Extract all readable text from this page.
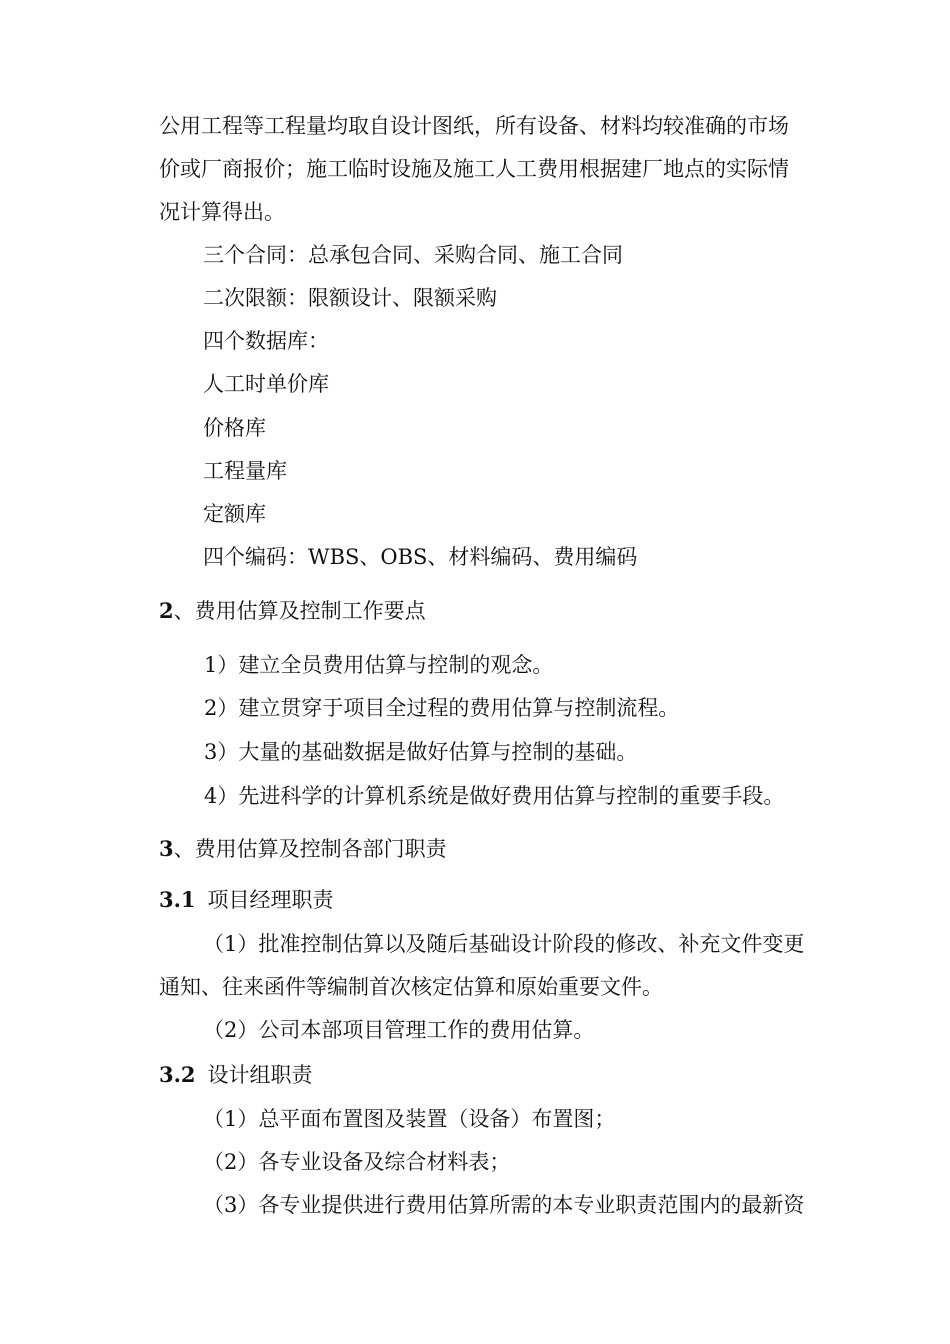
公用工程等工程量均取自设计图纸，所有设备、材料均较准确的市场
价或厂商报价；施工临时设施及施工人工费用根据建厂地点的实际情
况计算得出。
三个合同：总承包合同、采购合同、施工合同
二次限额：限额设计、限额采购
四个数据库：
人工时单价库
价格库
工程量库
定额库
四个编码：WBS、OBS、材料编码、费用编码
2、费用估算及控制工作要点
1）建立全员费用估算与控制的观念。
2）建立贯穿于项目全过程的费用估算与控制流程。
3）大量的基础数据是做好估算与控制的基础。
4）先进科学的计算机系统是做好费用估算与控制的重要手段。
3、费用估算及控制各部门职责
3.1 项目经理职责
（1）批准控制估算以及随后基础设计阶段的修改、补充文件变更
通知、往来函件等编制首次核定估算和原始重要文件。
（2）公司本部项目管理工作的费用估算。
3.2 设计组职责
（1）总平面布置图及装置（设备）布置图；
（2）各专业设备及综合材料表；
（3）各专业提供进行费用估算所需的本专业职责范围内的最新资
